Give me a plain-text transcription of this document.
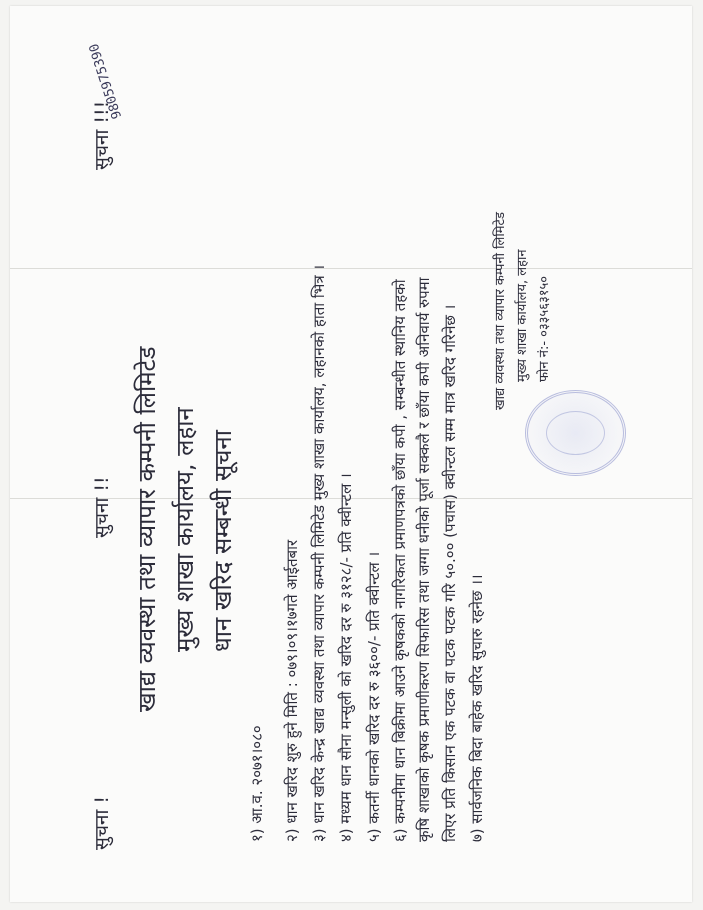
9805975390
सुचना !
सुचना !!
सुचना !!!
खाद्य व्यवस्था तथा व्यापार कम्पनी लिमिटेड मुख्य शाखा कार्यालय, लहान धान खरिद सम्बन्धी सूचना
१) आ.व. २०७१।०८० २) धान खरिद शुरु हुने मिति : ०७९।०९।१७गते आईतबार ३) धान खरिद केन्द्र खाद्य व्यवस्था तथा व्यापार कम्पनी लिमिटेड मुख्य शाखा कार्यालय, लहानको हाता भित्र । ४) मध्यम धान सौना मन्सुली को खरिद दर रु ३१२८/- प्रति क्वीन्टल । ५) कतर्नी धानको खरिद दर रु ३६००/- प्रति क्वीन्टल । ६) कम्पनीमा धान बिक्रीमा आउने कृषकको नागरिकता प्रमाणपत्रको छाँया कपी , सम्बन्धीत स्थानिय तहको कृषि शाखाको कृषक प्रमाणीकरण सिफारिस तथा जग्गा धनीको पूर्जा सक्कलै र छाँया कपी अनिवार्य रुपमा लिएर प्रति किसान एक पटक वा पटक पटक गरि ५०.०० (पचास) क्वीन्टल सम्म मात्र खरिद गरिनेछ । ७) सार्वजनिक बिदा बाहेक खरिद सुचारु रहनेछ ।।
खाद्य व्यवस्था तथा व्यापार कम्पनी लिमिटेड मुख्य शाखा कार्यालय, लहान फोन नं:- ०३३५६३१५०
